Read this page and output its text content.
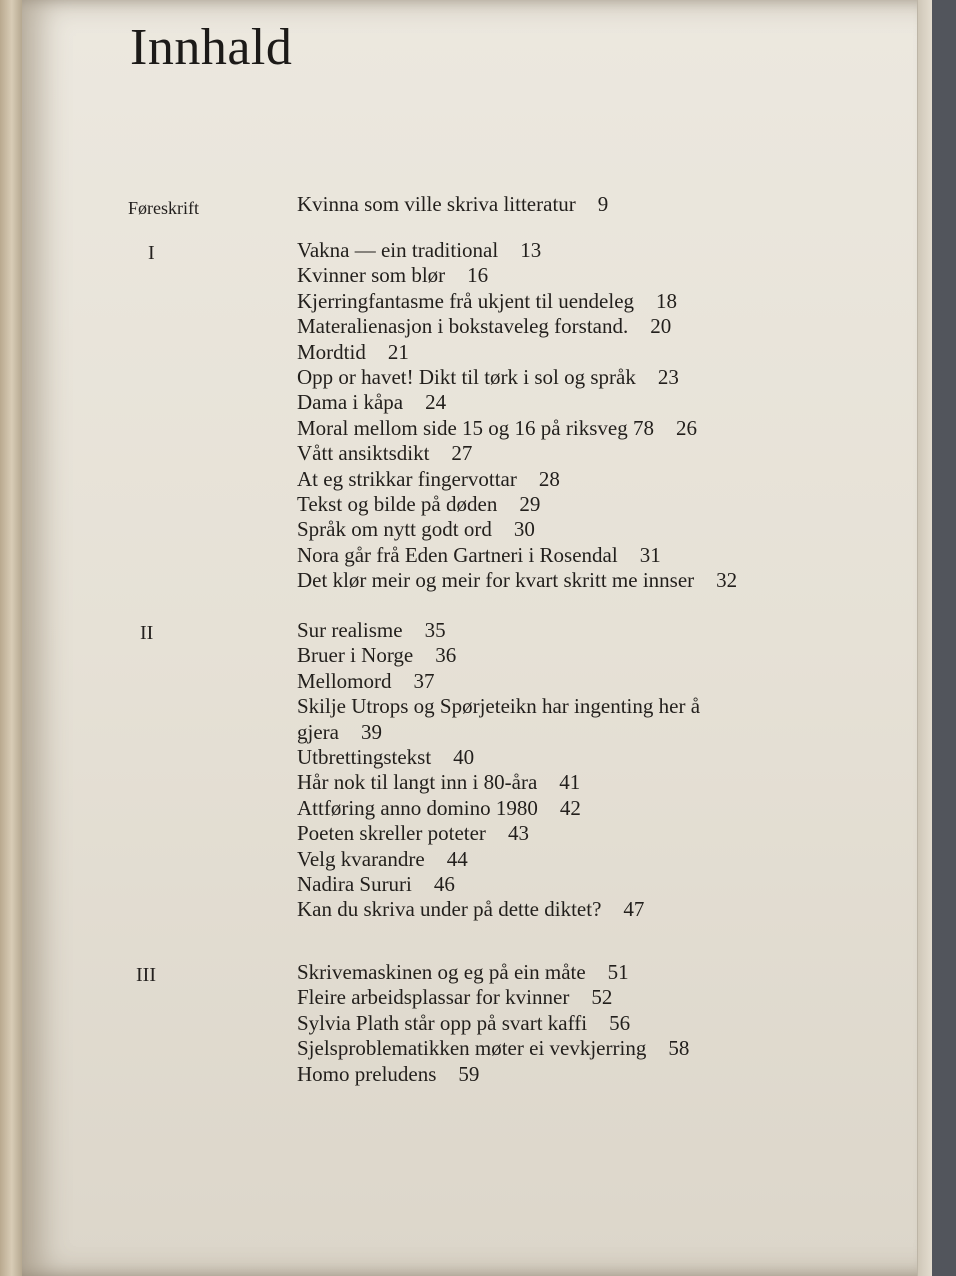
Innhald
Føreskrift	Kvinna som ville skriva litteratur 9
I	Vakna — ein traditional 13
Kvinner som blør 16
Kjerringfantasme frå ukjent til uendeleg 18
Materalienasjon i bokstaveleg forstand. 20
Mordtid 21
Opp or havet! Dikt til tørk i sol og språk 23
Dama i kåpa 24
Moral mellom side 15 og 16 på riksveg 78 26
Vått ansiktsdikt 27
At eg strikkar fingervottar 28
Tekst og bilde på døden 29
Språk om nytt godt ord 30
Nora går frå Eden Gartneri i Rosendal 31
Det klør meir og meir for kvart skritt me innser 32
II	Sur realisme 35
Bruer i Norge 36
Mellomord 37
Skilje Utrops og Spørjeteikn har ingenting her å
gjera 39
Utbrettingstekst 40
Hår nok til langt inn i 80-åra 41
Attføring anno domino 1980 42
Poeten skreller poteter 43
Velg kvarandre 44
Nadira Sururi 46
Kan du skriva under på dette diktet? 47
III	Skrivemaskinen og eg på ein måte 51
Fleire arbeidsplassar for kvinner 52
Sylvia Plath står opp på svart kaffi 56
Sjelsproblematikken møter ei vevkjerring 58
Homo preludens 59
